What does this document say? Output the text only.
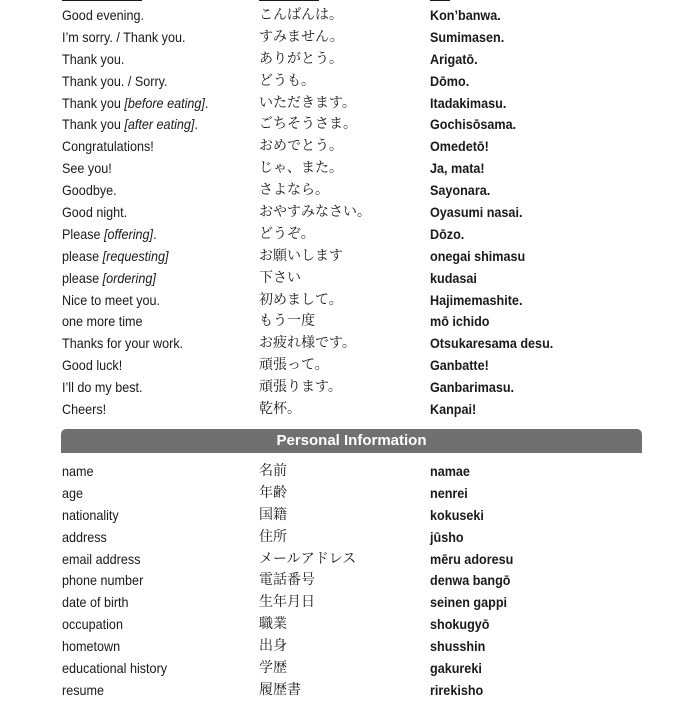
Good evening.	こんばんは。	Kon’banwa.
I’m sorry. / Thank you.	すみません。	Sumimasen.
Thank you.	ありがとう。	Arigatō.
Thank you. / Sorry.	どうも。	Dōmo.
Thank you [before eating].	いただきます。	Itadakimasu.
Thank you [after eating].	ごちそうさま。	Gochisōsama.
Congratulations!	おめでとう。	Omedetō!
See you!	じゃ、また。	Ja, mata!
Goodbye.	さよなら。	Sayonara.
Good night.	おやすみなさい。	Oyasumi nasai.
Please [offering].	どうぞ。	Dōzo.
please [requesting]	お願いします	onegai shimasu
please [ordering]	下さい	kudasai
Nice to meet you.	初めまして。	Hajimemashite.
one more time	もう一度	mō ichido
Thanks for your work.	お疲れ様です。	Otsukaresama desu.
Good luck!	頑張って。	Ganbatte!
I’ll do my best.	頑張ります。	Ganbarimasu.
Cheers!	乾杯。	Kanpai!
Personal Information
name	名前	namae
age	年齢	nenrei
nationality	国籍	kokuseki
address	住所	jūsho
email address	メールアドレス	mēru adoresu
phone number	電話番号	denwa bangō
date of birth	生年月日	seinen gappi
occupation	職業	shokugyō
hometown	出身	shusshin
educational history	学歴	gakureki
resume	履歴書	rirekisho
